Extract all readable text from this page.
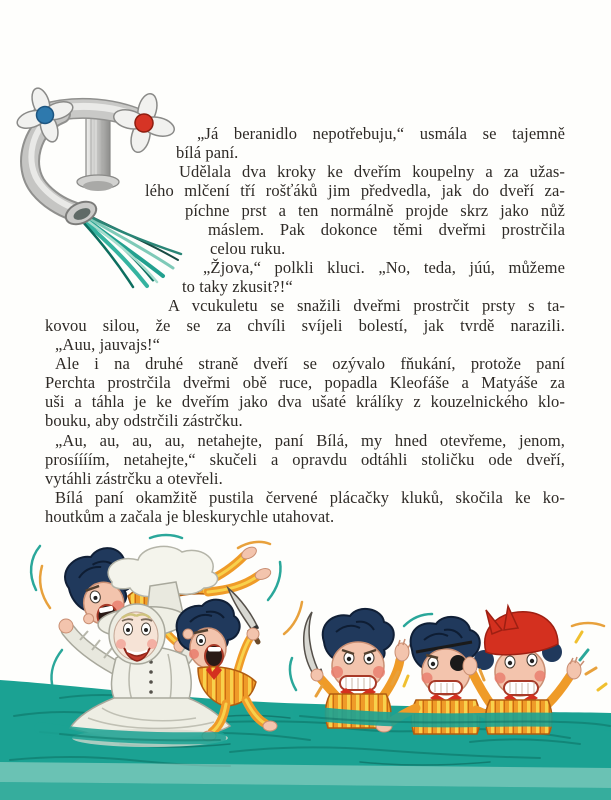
„Já beranidlo nepotřebuju,“ usmála se tajemně
bílá paní.
Udělala dva kroky ke dveřím koupelny a za užas-
lého mlčení tří rošťáků jim předvedla, jak do dveří za-
píchne prst a ten normálně projde skrz jako nůž
máslem. Pak dokonce těmi dveřmi prostrčila
celou ruku.
„Žjova,“ polkli kluci. „No, teda, júú, můžeme
to taky zkusit?!“
A vcukuletu se snažili dveřmi prostrčit prsty s ta-
kovou silou, že se za chvíli svíjeli bolestí, jak tvrdě narazili.
„Auu, jauvajs!“
Ale i na druhé straně dveří se ozývalo fňukání, protože paní
Perchta prostrčila dveřmi obě ruce, popadla Kleofáše a Matyáše za
uši a táhla je ke dveřím jako dva ušaté králíky z kouzelnického klo-
bouku, aby odstrčili zástrčku.
„Au, au, au, au, netahejte, paní Bílá, my hned otevřeme, jenom,
prosíííím, netahejte,“ skučeli a opravdu odtáhli stoličku ode dveří,
vytáhli zástrčku a otevřeli.
Bílá paní okamžitě pustila červené plácačky kluků, skočila ke ko-
houtkům a začala je bleskurychle utahovat.
